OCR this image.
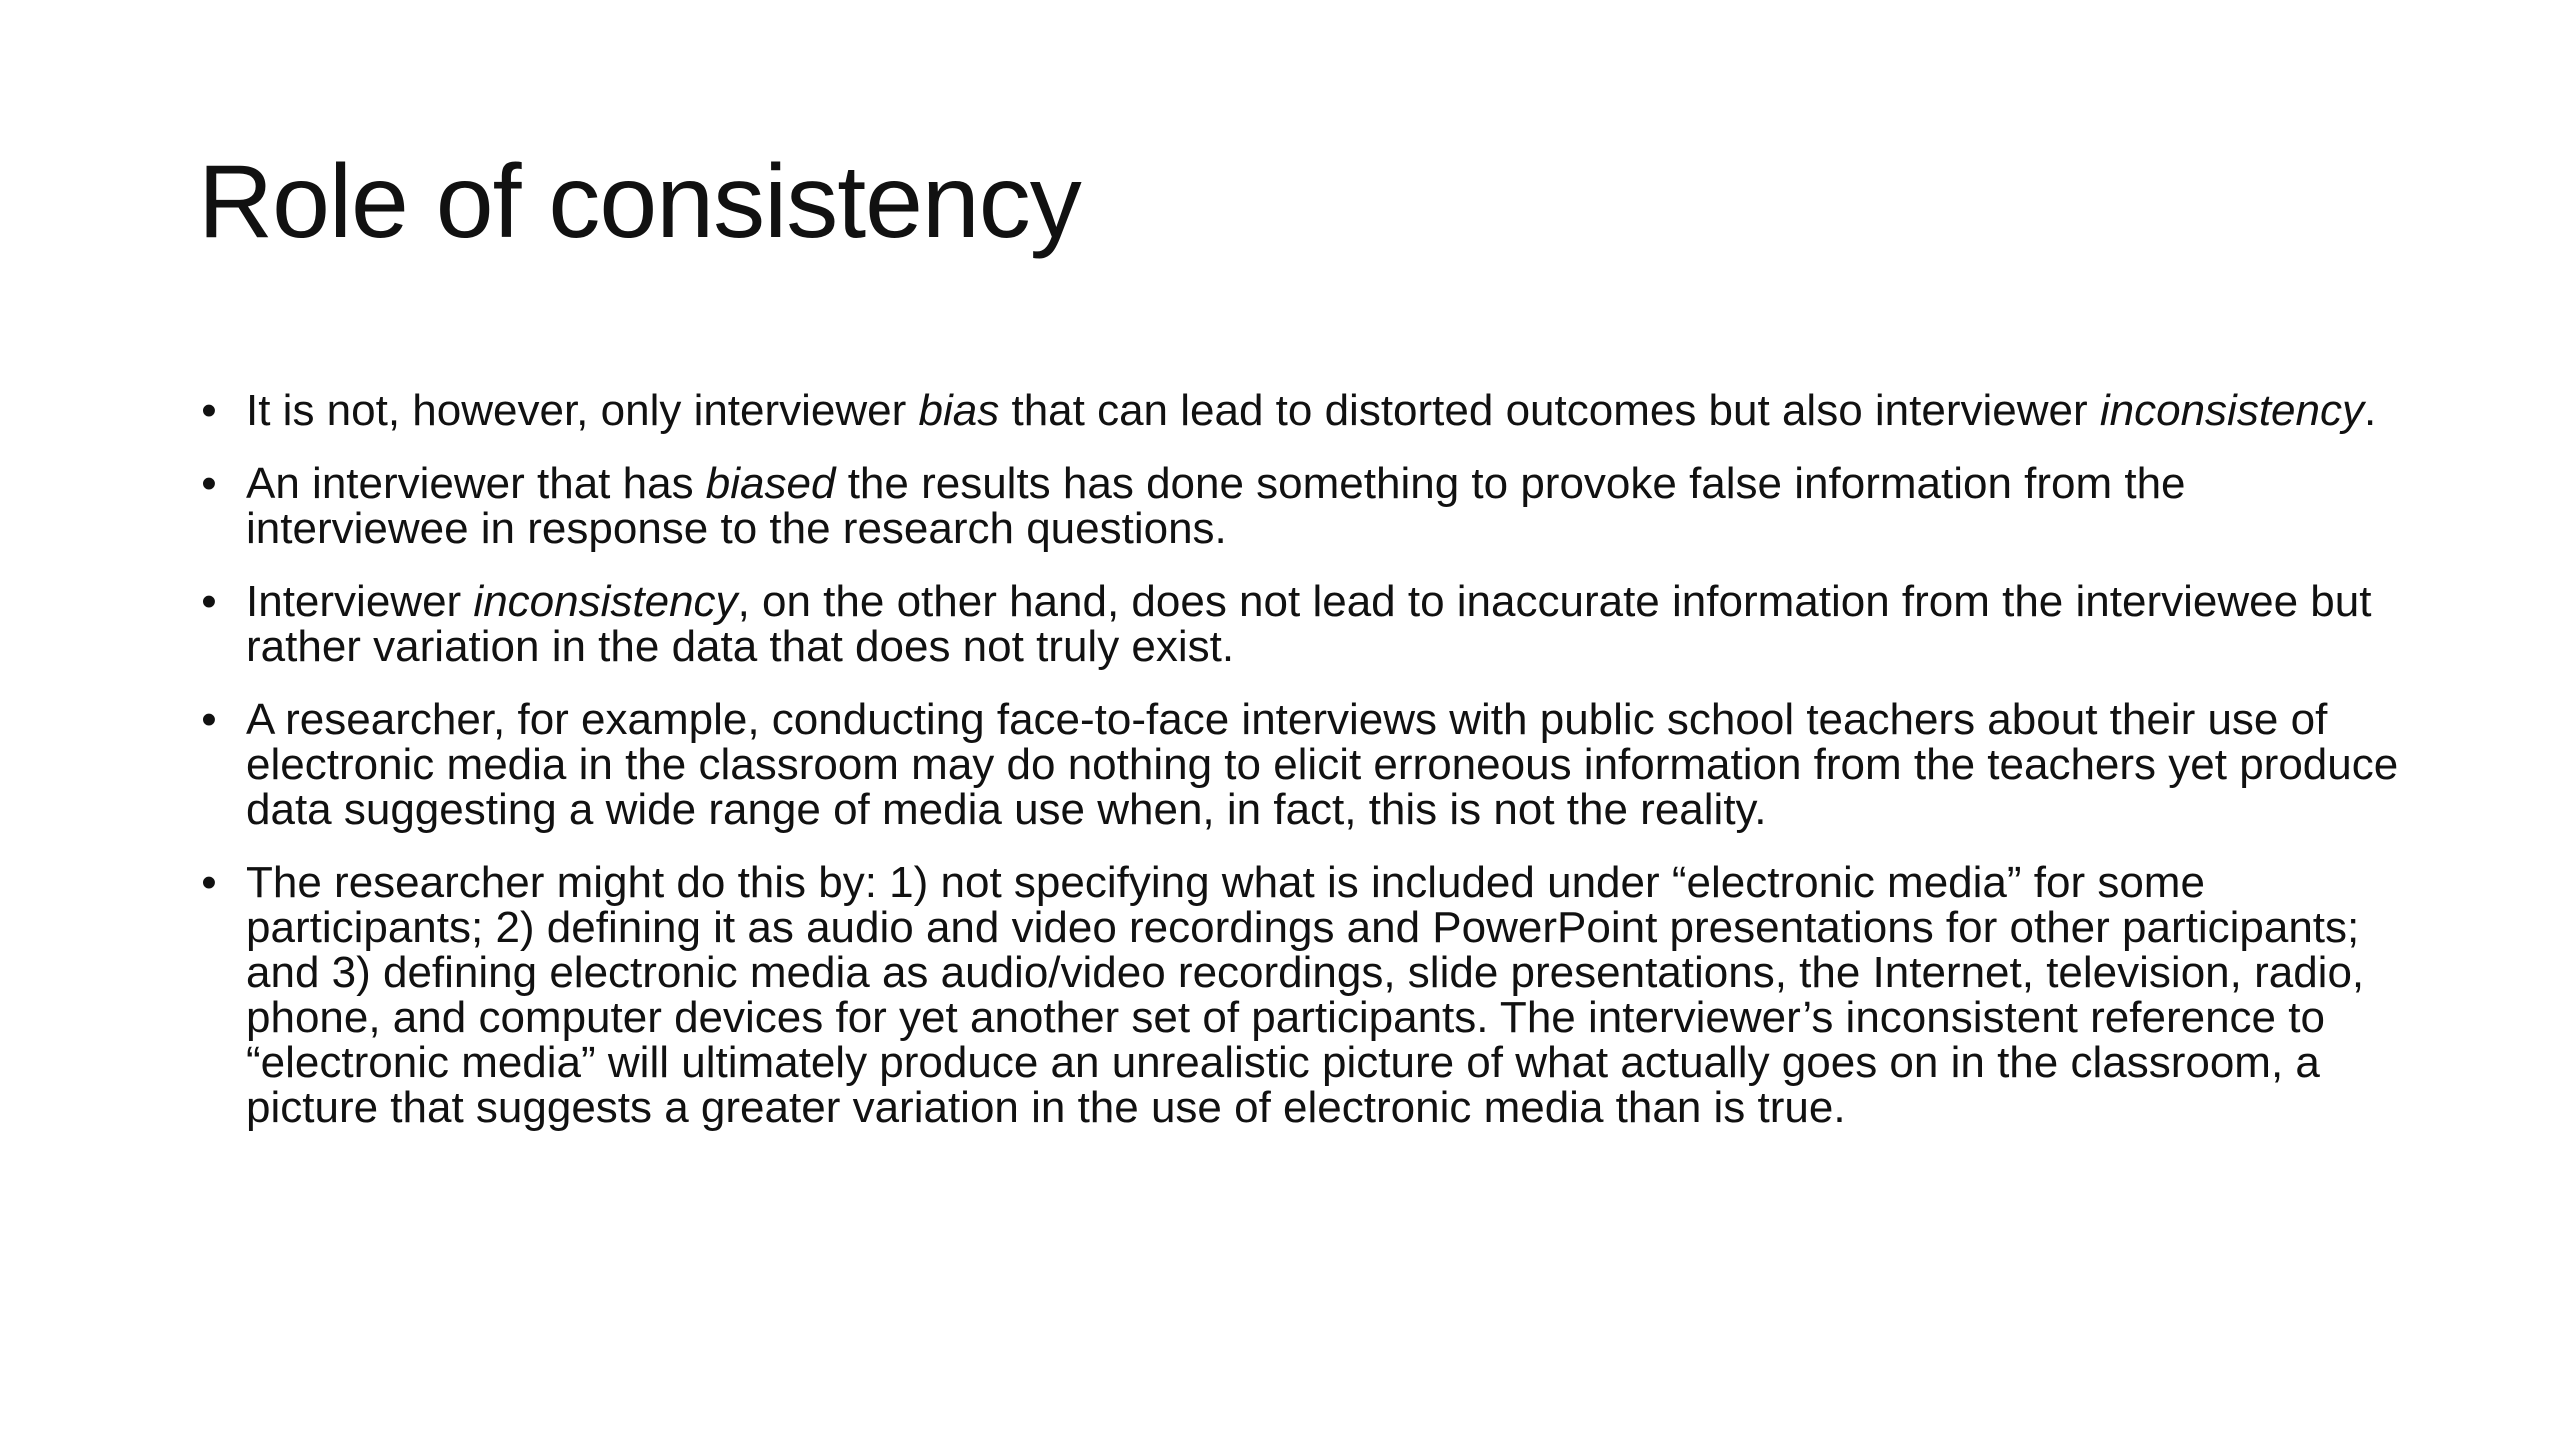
Role of consistency
• It is not, however, only interviewer bias that can lead to distorted outcomes but also interviewer inconsistency.
• An interviewer that has biased the results has done something to provoke false information from the interviewee in response to the research questions.
• Interviewer inconsistency, on the other hand, does not lead to inaccurate information from the interviewee but rather variation in the data that does not truly exist.
• A researcher, for example, conducting face-to-face interviews with public school teachers about their use of electronic media in the classroom may do nothing to elicit erroneous information from the teachers yet produce data suggesting a wide range of media use when, in fact, this is not the reality.
• The researcher might do this by: 1) not specifying what is included under “electronic media” for some participants; 2) defining it as audio and video recordings and PowerPoint presentations for other participants; and 3) defining electronic media as audio/video recordings, slide presentations, the Internet, television, radio, phone, and computer devices for yet another set of participants. The interviewer’s inconsistent reference to “electronic media” will ultimately produce an unrealistic picture of what actually goes on in the classroom, a picture that suggests a greater variation in the use of electronic media than is true.
